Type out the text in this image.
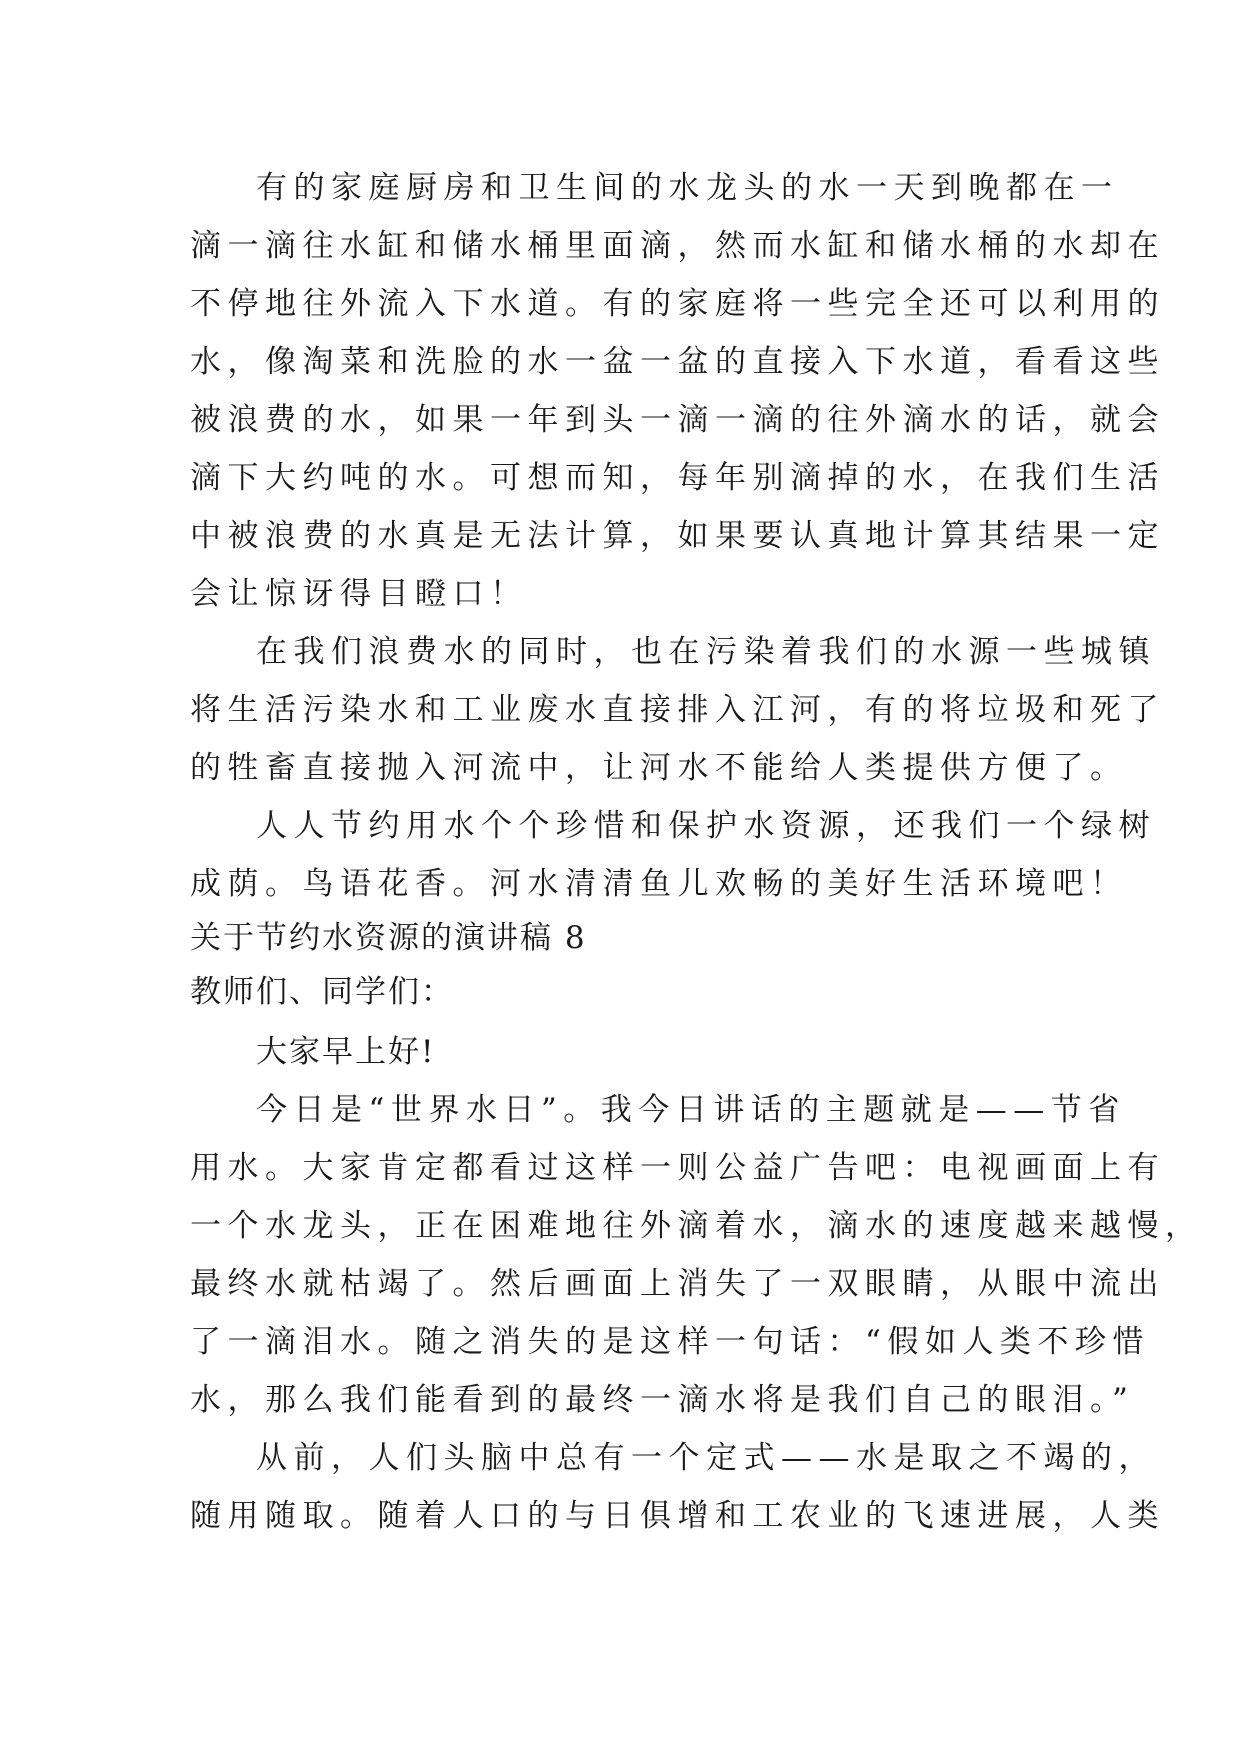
有的家庭厨房和卫生间的水龙头的水一天到晚都在一
滴一滴往水缸和储水桶里面滴，然而水缸和储水桶的水却在
不停地往外流入下水道。有的家庭将一些完全还可以利用的
水，像淘菜和洗脸的水一盆一盆的直接入下水道，看看这些
被浪费的水，如果一年到头一滴一滴的往外滴水的话，就会
滴下大约吨的水。可想而知，每年别滴掉的水，在我们生活
中被浪费的水真是无法计算，如果要认真地计算其结果一定
会让惊讶得目瞪口！
在我们浪费水的同时，也在污染着我们的水源一些城镇
将生活污染水和工业废水直接排入江河，有的将垃圾和死了
的牲畜直接抛入河流中，让河水不能给人类提供方便了。
人人节约用水个个珍惜和保护水资源，还我们一个绿树
成荫。鸟语花香。河水清清鱼儿欢畅的美好生活环境吧！
关于节约水资源的演讲稿 8
教师们、同学们：
大家早上好!
今日是“世界水日”。我今日讲话的主题就是——节省
用水。大家肯定都看过这样一则公益广告吧：电视画面上有
一个水龙头，正在困难地往外滴着水，滴水的速度越来越慢，
最终水就枯竭了。然后画面上消失了一双眼睛，从眼中流出
了一滴泪水。随之消失的是这样一句话：“假如人类不珍惜
水，那么我们能看到的最终一滴水将是我们自己的眼泪。”
从前，人们头脑中总有一个定式——水是取之不竭的，
随用随取。随着人口的与日俱增和工农业的飞速进展，人类
